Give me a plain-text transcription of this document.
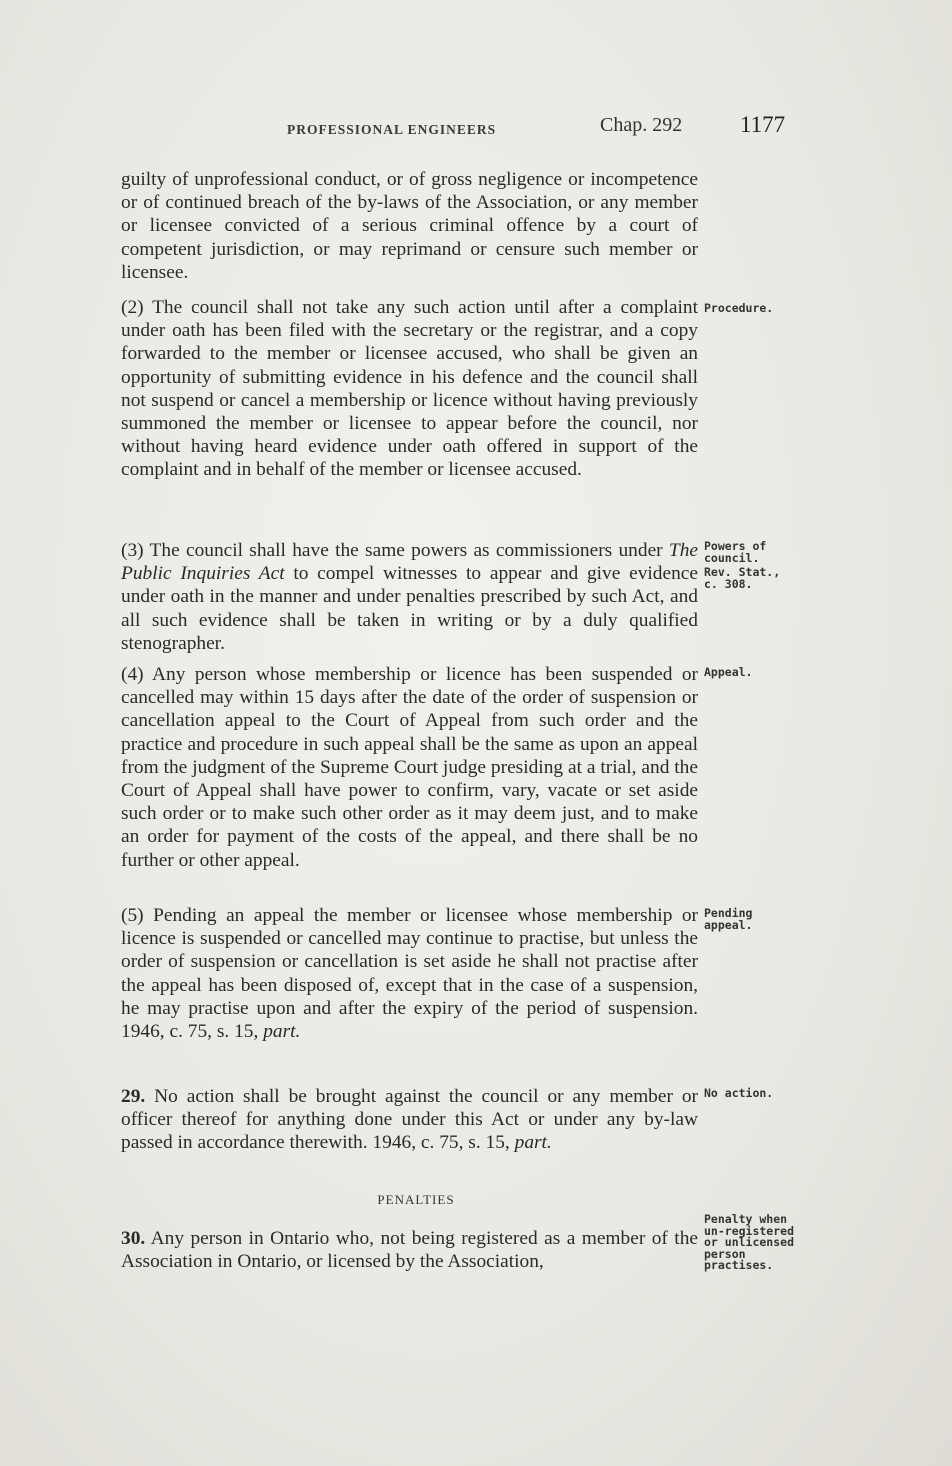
PROFESSIONAL ENGINEERS	Chap. 292	1177

guilty of unprofessional conduct, or of gross negligence or incompetence or of continued breach of the by-laws of the Association, or any member or licensee convicted of a serious criminal offence by a court of competent jurisdiction, or may reprimand or censure such member or licensee.

(2) The council shall not take any such action until after a complaint under oath has been filed with the secretary or the registrar, and a copy forwarded to the member or licensee accused, who shall be given an opportunity of submitting evidence in his defence and the council shall not suspend or cancel a membership or licence without having previously summoned the member or licensee to appear before the council, nor without having heard evidence under oath offered in support of the complaint and in behalf of the member or licensee accused.

Procedure.

(3) The council shall have the same powers as commissioners under The Public Inquiries Act to compel witnesses to appear and give evidence under oath in the manner and under penalties prescribed by such Act, and all such evidence shall be taken in writing or by a duly qualified stenographer.

Powers of council.
Rev. Stat., c. 308.

(4) Any person whose membership or licence has been suspended or cancelled may within 15 days after the date of the order of suspension or cancellation appeal to the Court of Appeal from such order and the practice and procedure in such appeal shall be the same as upon an appeal from the judgment of the Supreme Court judge presiding at a trial, and the Court of Appeal shall have power to confirm, vary, vacate or set aside such order or to make such other order as it may deem just, and to make an order for payment of the costs of the appeal, and there shall be no further or other appeal.

Appeal.

(5) Pending an appeal the member or licensee whose membership or licence is suspended or cancelled may continue to practise, but unless the order of suspension or cancellation is set aside he shall not practise after the appeal has been disposed of, except that in the case of a suspension, he may practise upon and after the expiry of the period of suspension. 1946, c. 75, s. 15, part.

Pending appeal.

29. No action shall be brought against the council or any member or officer thereof for anything done under this Act or under any by-law passed in accordance therewith. 1946, c. 75, s. 15, part.

No action.
PENALTIES

30. Any person in Ontario who, not being registered as a member of the Association in Ontario, or licensed by the Association,

Penalty when un-registered or unlicensed person practises.
